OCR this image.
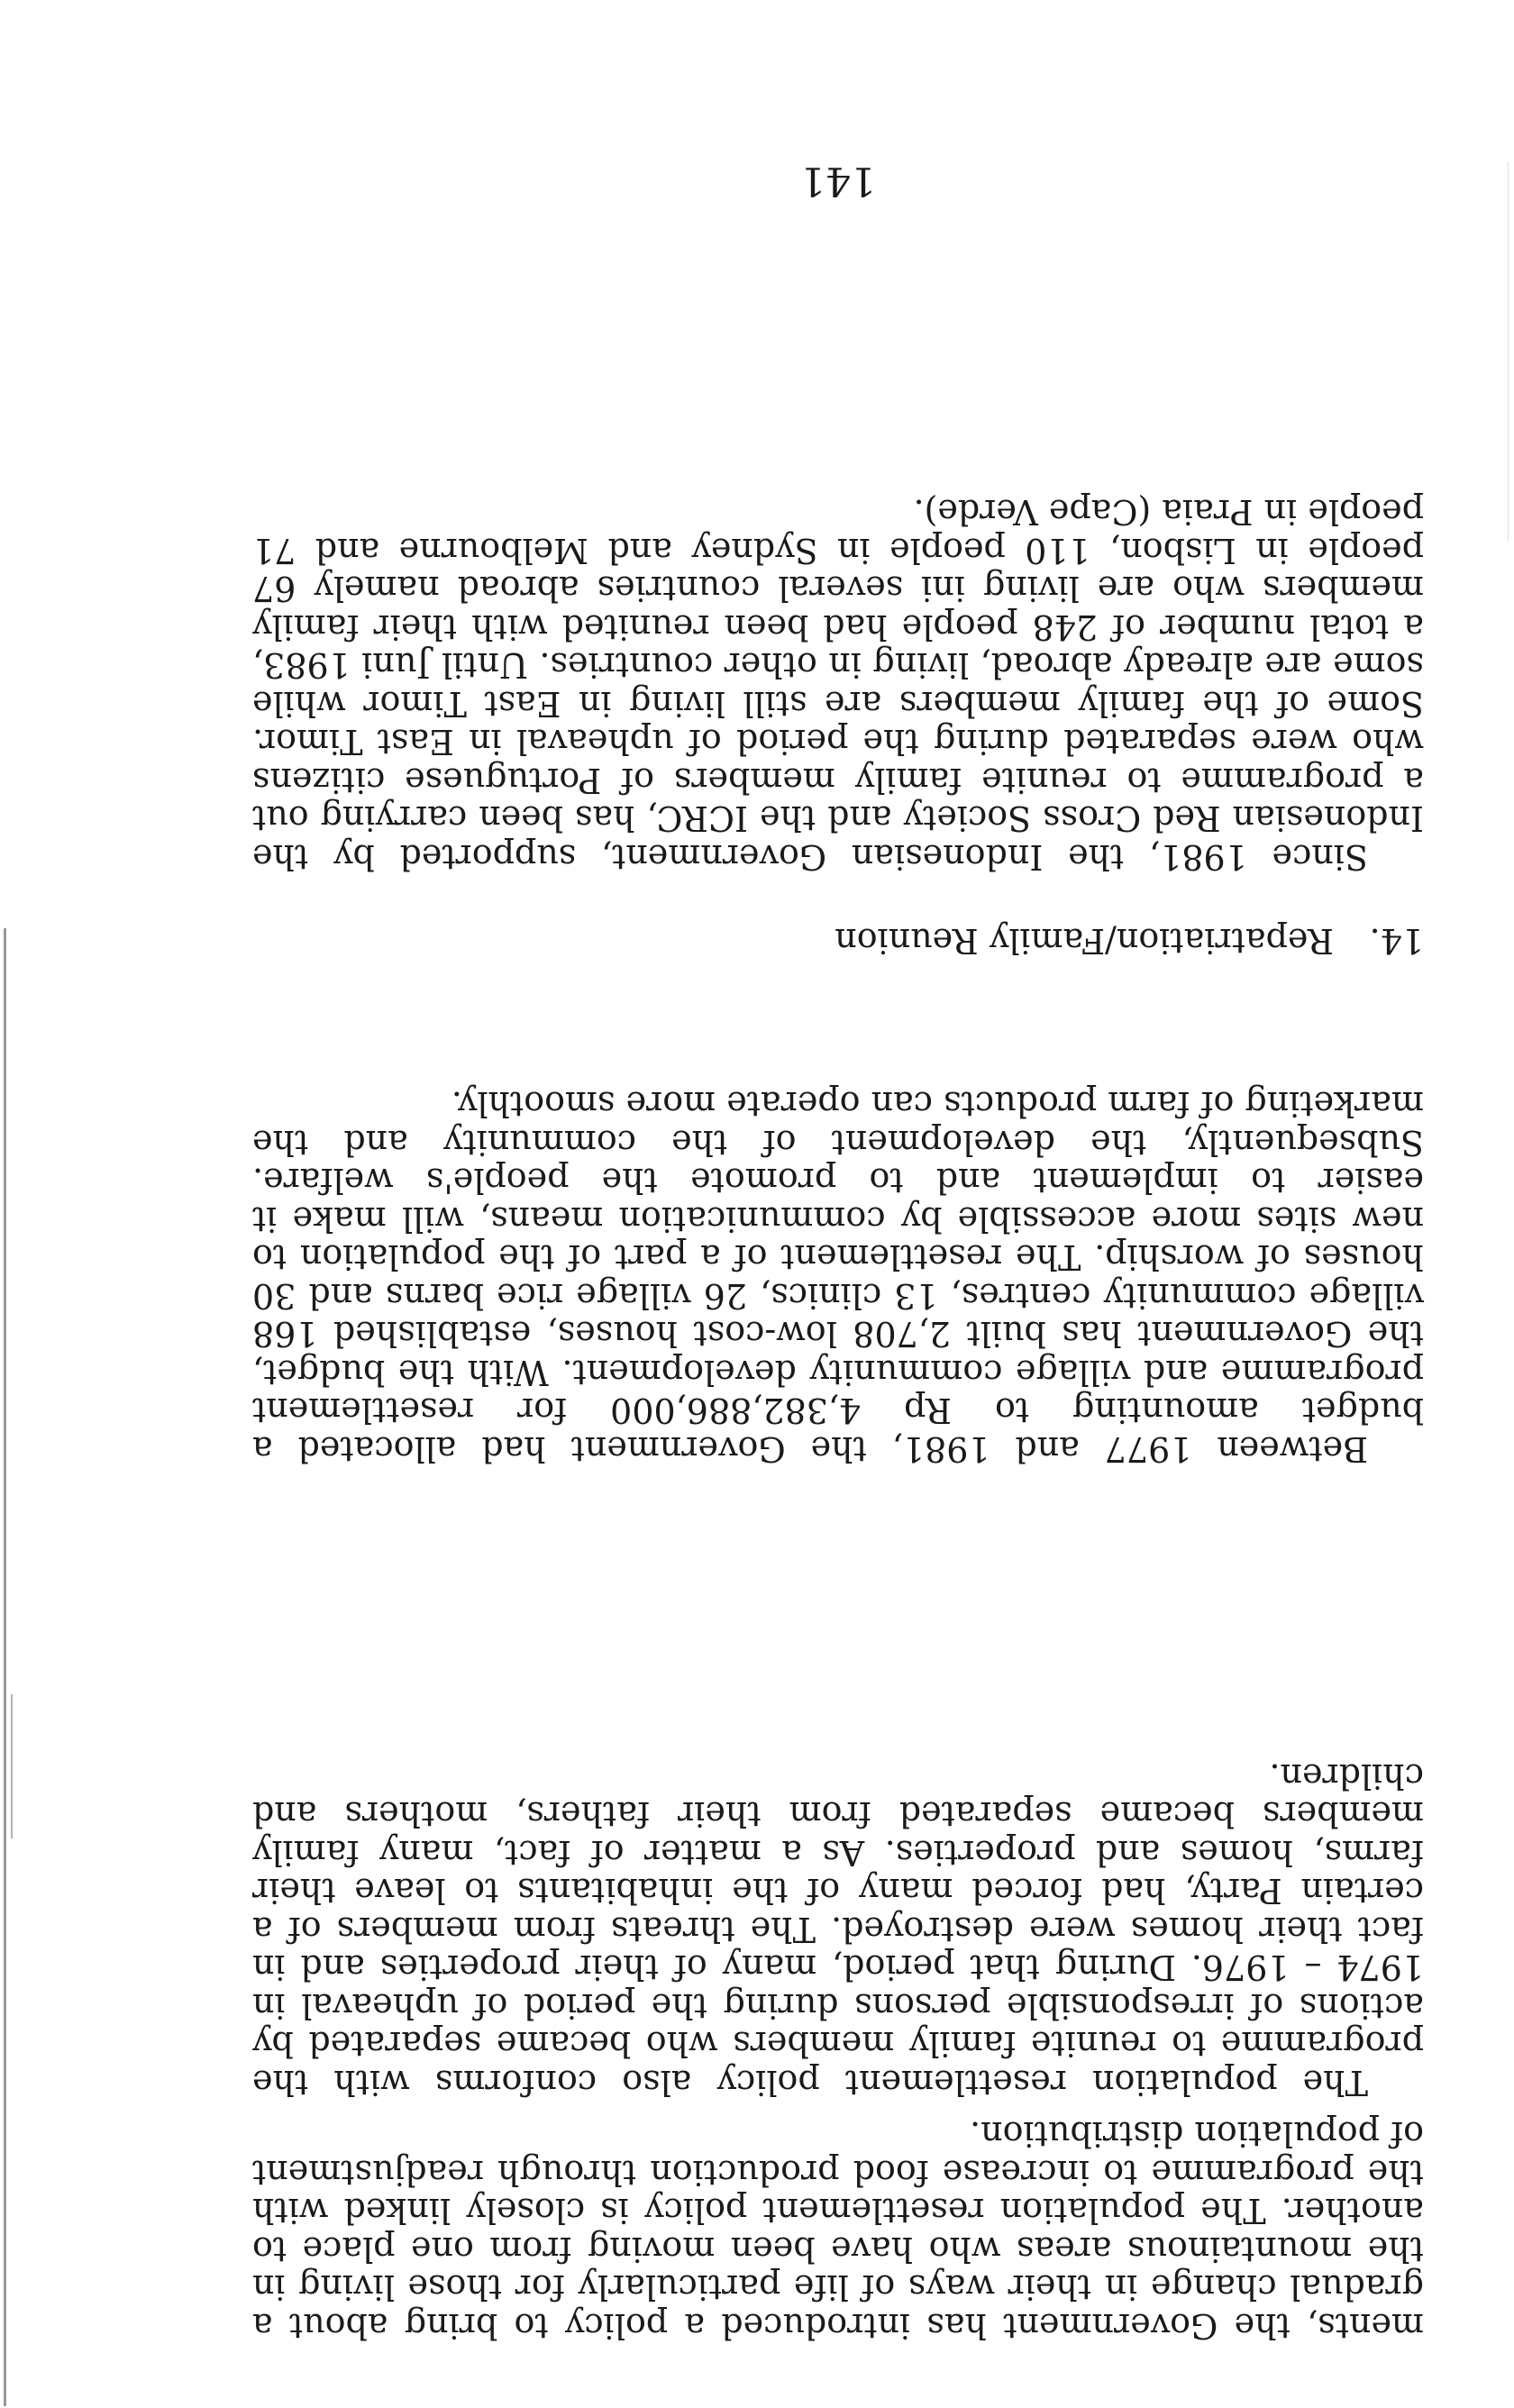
ments, the Government has introduced a policy to bring about a gradual change in their ways of life particularly for those living in the mountainous areas who have been moving from one place to another. The population resettlement policy is closely linked with the programme to increase food production through readjustment of population distribution.

The population resettlement policy also conforms with the programme to reunite family members who became separated by actions of irresponsible persons during the period of upheaval in 1974 – 1976. During that period, many of their properties and in fact their homes were destroyed. The threats from members of a certain Party, had forced many of the inhabitants to leave their farms, homes and properties. As a matter of fact, many family members became separated from their fathers, mothers and children.

Between 1977 and 1981, the Government had allocated a budget amounting to Rp 4,382,886,000 for resettlement programme and village community development. With the budget, the Government has built 2,708 low-cost houses, established 168 village community centres, 13 clinics, 26 village rice barns and 30 houses of worship. The resettlement of a part of the population to new sites more accessible by communication means, will make it easier to implement and to promote the people's welfare. Subsequently, the development of the community and the marketing of farm products can operate more smoothly.

14.Repatriation/Family Reunion

Since 1981, the Indonesian Government, supported by the Indonesian Red Cross Society and the ICRC, has been carrying out a programme to reunite family members of Portuguese citizens who were separated during the period of upheaval in East Timor. Some of the family members are still living in East Timor while some are already abroad, living in other countries. Until Juni 1983, a total number of 248 people had been reunited with their family members who are living ini several countries abroad namely 67 people in Lisbon, 110 people in Sydney and Melbourne and 71 people in Praia (Cape Verde).

141
